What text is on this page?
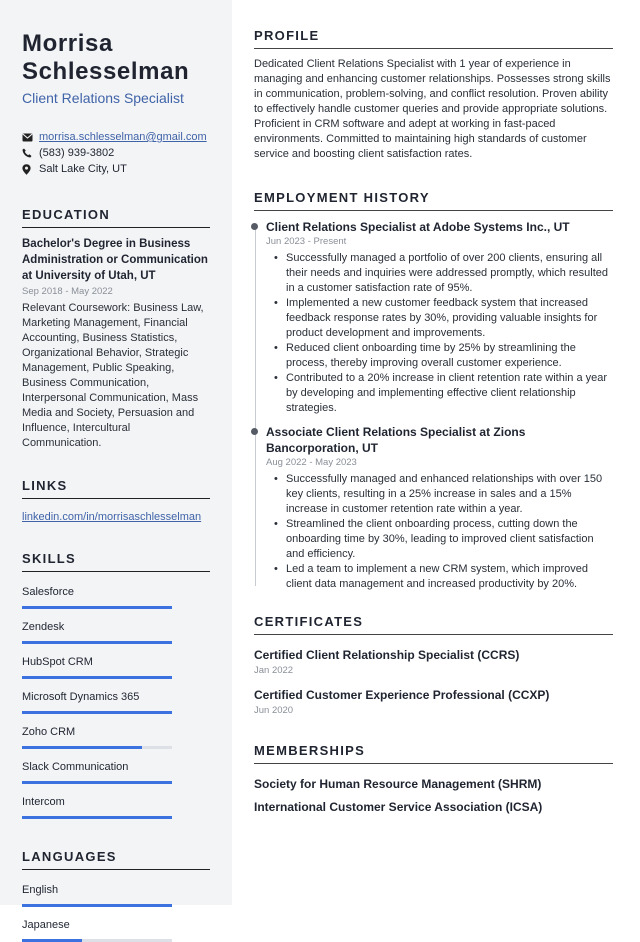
Morrisa
Schlesselman
Client Relations Specialist
morrisa.schlesselman@gmail.com
(583) 939-3802
Salt Lake City, UT
EDUCATION
Bachelor's Degree in Business Administration or Communication at University of Utah, UT
Sep 2018 - May 2022
Relevant Coursework: Business Law, Marketing Management, Financial Accounting, Business Statistics, Organizational Behavior, Strategic Management, Public Speaking, Business Communication, Interpersonal Communication, Mass Media and Society, Persuasion and Influence, Intercultural Communication.
LINKS
linkedin.com/in/morrisaschlesselman
SKILLS
Salesforce
Zendesk
HubSpot CRM
Microsoft Dynamics 365
Zoho CRM
Slack Communication
Intercom
LANGUAGES
English
Japanese
PROFILE
Dedicated Client Relations Specialist with 1 year of experience in managing and enhancing customer relationships. Possesses strong skills in communication, problem-solving, and conflict resolution. Proven ability to effectively handle customer queries and provide appropriate solutions. Proficient in CRM software and adept at working in fast-paced environments. Committed to maintaining high standards of customer service and boosting client satisfaction rates.
EMPLOYMENT HISTORY
Client Relations Specialist at Adobe Systems Inc., UT
Jun 2023 - Present
• Successfully managed a portfolio of over 200 clients, ensuring all their needs and inquiries were addressed promptly, which resulted in a customer satisfaction rate of 95%.
• Implemented a new customer feedback system that increased feedback response rates by 30%, providing valuable insights for product development and improvements.
• Reduced client onboarding time by 25% by streamlining the process, thereby improving overall customer experience.
• Contributed to a 20% increase in client retention rate within a year by developing and implementing effective client relationship strategies.
Associate Client Relations Specialist at Zions Bancorporation, UT
Aug 2022 - May 2023
• Successfully managed and enhanced relationships with over 150 key clients, resulting in a 25% increase in sales and a 15% increase in customer retention rate within a year.
• Streamlined the client onboarding process, cutting down the onboarding time by 30%, leading to improved client satisfaction and efficiency.
• Led a team to implement a new CRM system, which improved client data management and increased productivity by 20%.
CERTIFICATES
Certified Client Relationship Specialist (CCRS)
Jan 2022
Certified Customer Experience Professional (CCXP)
Jun 2020
MEMBERSHIPS
Society for Human Resource Management (SHRM)
International Customer Service Association (ICSA)
